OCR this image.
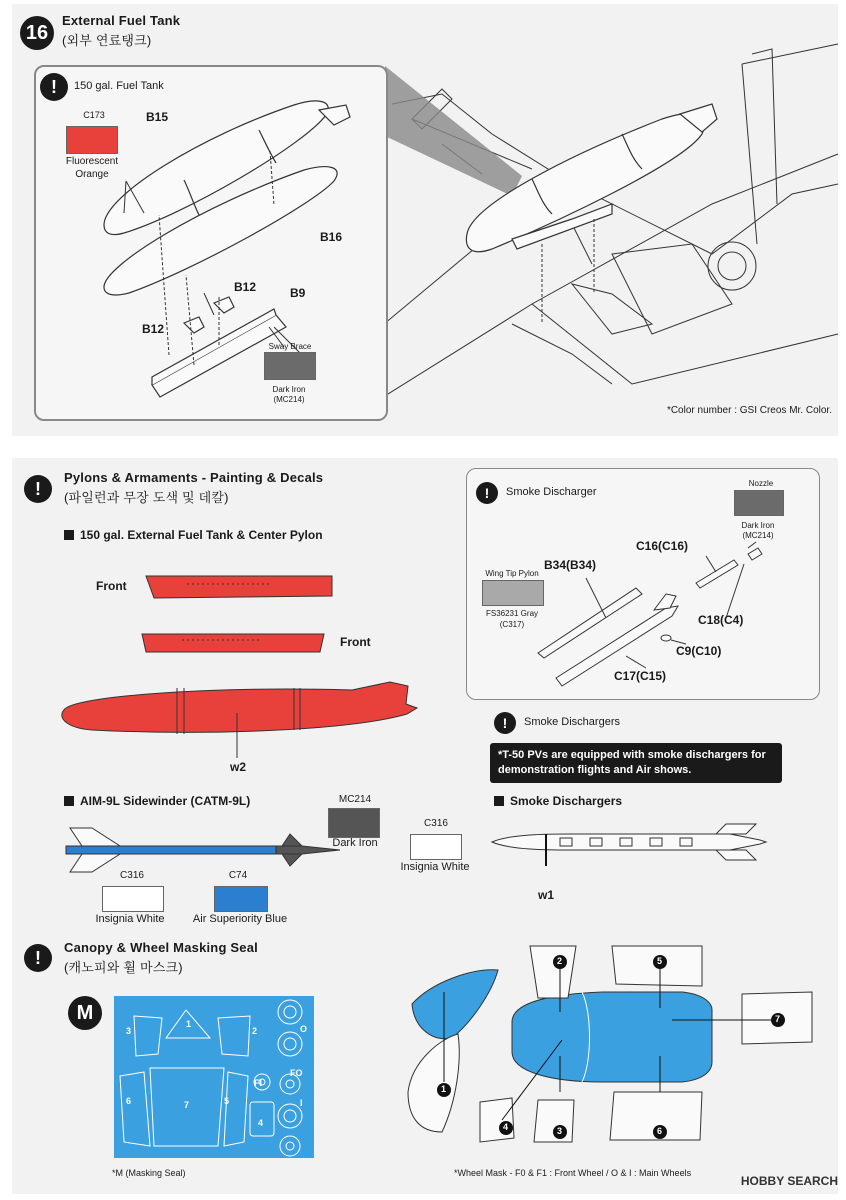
16
External Fuel Tank
(외부 연료탱크)
!	150 gal. Fuel Tank
C173
Fluorescent
Orange
B15
B16
B12	B9
B12
Sway Brace
Dark Iron
(MC214)
*Color number : GSI Creos Mr. Color.
!
Pylons & Armaments - Painting & Decals
(파일런과 무장 도색 및 데칼)
150 gal. External Fuel Tank & Center Pylon
Front
Front
w2
AIM-9L Sidewinder (CATM-9L)	MC214
Dark Iron
C316
Insignia White
C74
Air Superiority Blue
!	Smoke Discharger
Nozzle
Dark Iron
(MC214)
Wing Tip Pylon
FS36231 Gray
(C317)
B34(B34)
C16(C16)
C18(C4)
C9(C10)
C17(C15)
!	Smoke Dischargers
*T-50 PVs are equipped with smoke dischargers for
demonstration flights and Air shows.
Smoke Dischargers
C316
Insignia White
w1
!
Canopy & Wheel Masking Seal
(캐노피와 휠 마스크)
M	1
2
3
6	7	5
4
O
FO
FI
I
*M (Masking Seal)
1
4
2	5
3	6
7
*Wheel Mask - F0 & F1 : Front Wheel / O & I : Main Wheels
HOBBY SEARCH
